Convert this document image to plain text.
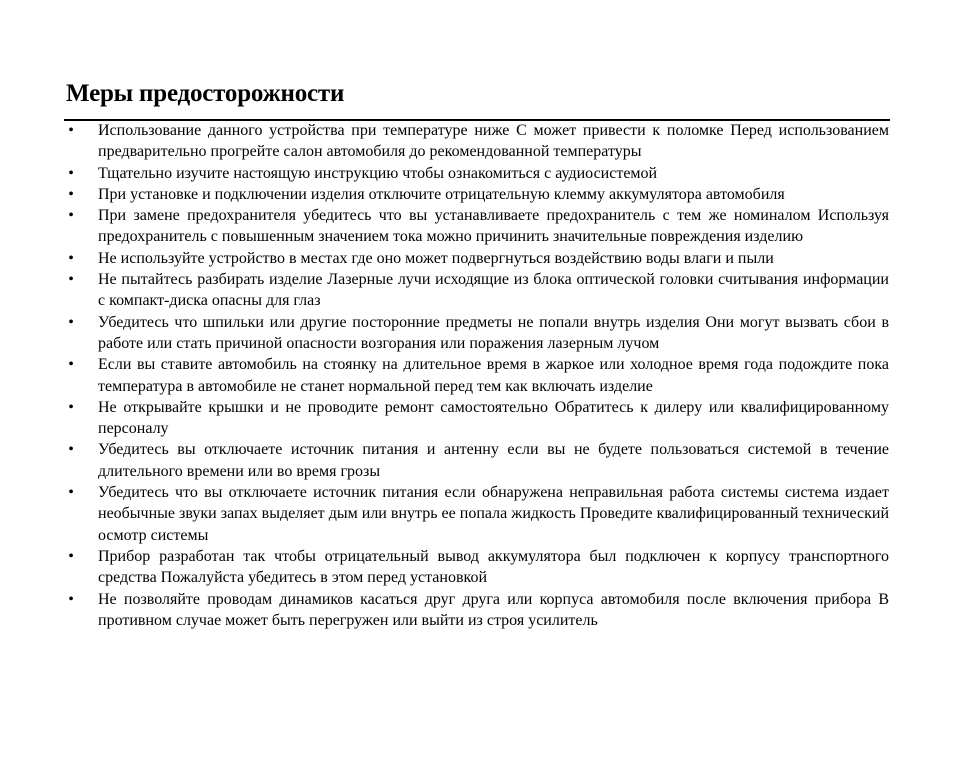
Меры предосторожности
• Использование данного устройства при температуре ниже С может привести к поломке Перед использованием предварительно прогрейте салон автомобиля до рекомендованной температуры
• Тщательно изучите настоящую инструкцию чтобы ознакомиться с аудиосистемой
• При установке и подключении изделия отключите отрицательную клемму аккумулятора автомобиля
• При замене предохранителя убедитесь что вы устанавливаете предохранитель с тем же номиналом Используя предохранитель с повышенным значением тока можно причинить значительные повреждения изделию
• Не используйте устройство в местах где оно может подвергнуться воздействию воды влаги и пыли
• Не пытайтесь разбирать изделие Лазерные лучи исходящие из блока оптической головки считывания информации с компакт-диска опасны для глаз
• Убедитесь что шпильки или другие посторонние предметы не попали внутрь изделия Они могут вызвать сбои в работе или стать причиной опасности возгорания или поражения лазерным лучом
• Если вы ставите автомобиль на стоянку на длительное время в жаркое или холодное время года подождите пока температура в автомобиле не станет нормальной перед тем как включать изделие
• Не открывайте крышки и не проводите ремонт самостоятельно Обратитесь к дилеру или квалифицированному персоналу
• Убедитесь вы отключаете источник питания и антенну если вы не будете пользоваться системой в течение длительного времени или во время грозы
• Убедитесь что вы отключаете источник питания если обнаружена неправильная работа системы система издает необычные звуки запах выделяет дым или внутрь ее попала жидкость Проведите квалифицированный технический осмотр системы
• Прибор разработан так чтобы отрицательный вывод аккумулятора был подключен к корпусу транспортного средства Пожалуйста убедитесь в этом перед установкой
• Не позволяйте проводам динамиков касаться друг друга или корпуса автомобиля после включения прибора В противном случае может быть перегружен или выйти из строя усилитель
